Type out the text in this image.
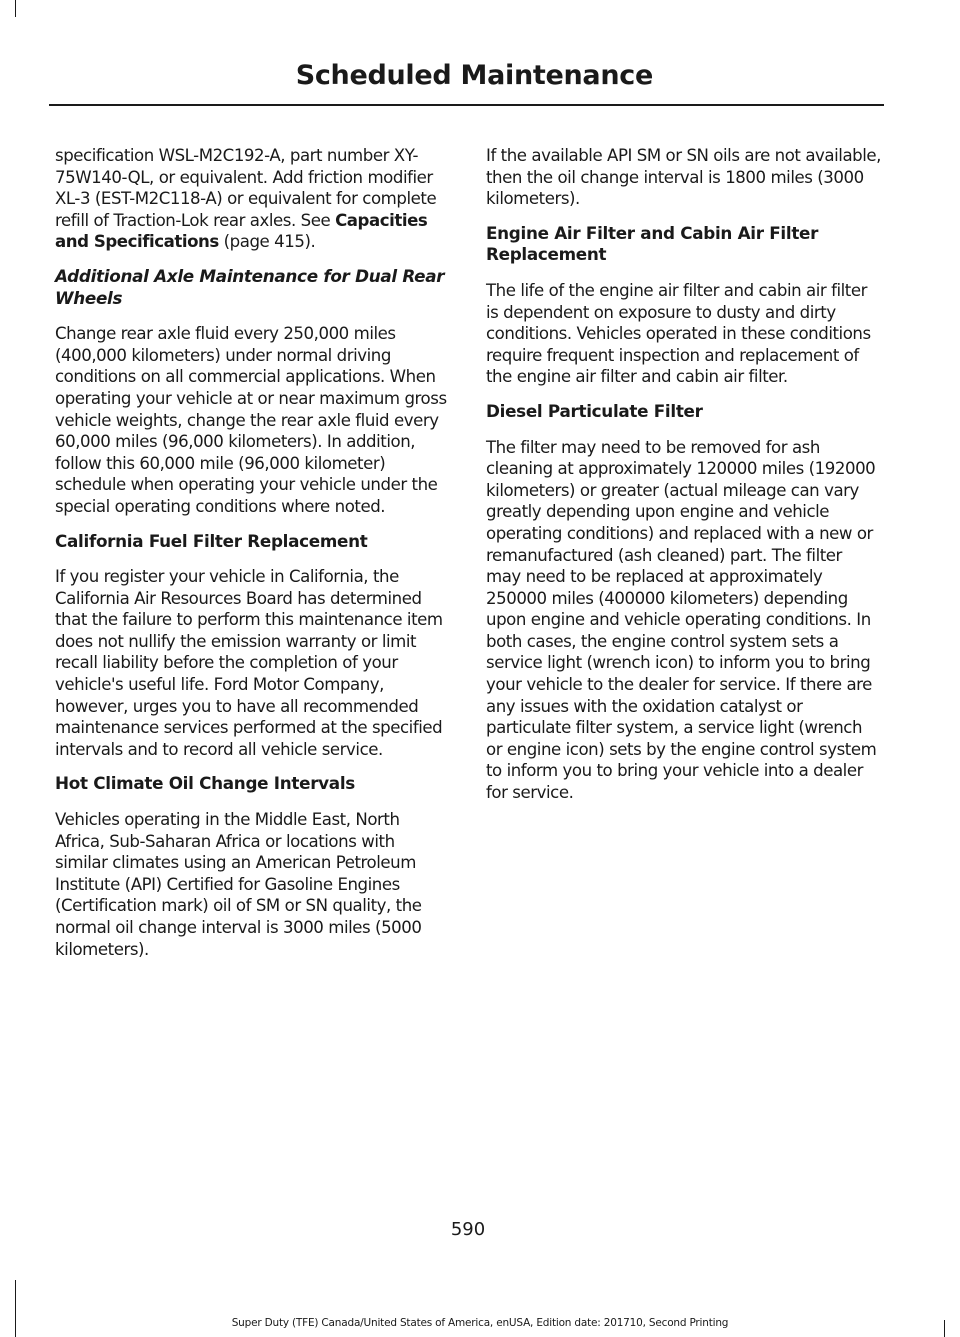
Scheduled Maintenance

specification WSL-M2C192-A, part number XY-75W140-QL, or equivalent. Add friction modifier XL-3 (EST-M2C118-A) or equivalent for complete refill of Traction-Lok rear axles. See Capacities and Specifications (page 415).

Additional Axle Maintenance for Dual Rear Wheels

Change rear axle fluid every 250,000 miles (400,000 kilometers) under normal driving conditions on all commercial applications. When operating your vehicle at or near maximum gross vehicle weights, change the rear axle fluid every 60,000 miles (96,000 kilometers). In addition, follow this 60,000 mile (96,000 kilometer) schedule when operating your vehicle under the special operating conditions where noted.

California Fuel Filter Replacement

If you register your vehicle in California, the California Air Resources Board has determined that the failure to perform this maintenance item does not nullify the emission warranty or limit recall liability before the completion of your vehicle's useful life. Ford Motor Company, however, urges you to have all recommended maintenance services performed at the specified intervals and to record all vehicle service.

Hot Climate Oil Change Intervals

Vehicles operating in the Middle East, North Africa, Sub-Saharan Africa or locations with similar climates using an American Petroleum Institute (API) Certified for Gasoline Engines (Certification mark) oil of SM or SN quality, the normal oil change interval is 3000 miles (5000 kilometers).

If the available API SM or SN oils are not available, then the oil change interval is 1800 miles (3000 kilometers).

Engine Air Filter and Cabin Air Filter Replacement

The life of the engine air filter and cabin air filter is dependent on exposure to dusty and dirty conditions. Vehicles operated in these conditions require frequent inspection and replacement of the engine air filter and cabin air filter.

Diesel Particulate Filter

The filter may need to be removed for ash cleaning at approximately 120000 miles (192000 kilometers) or greater (actual mileage can vary greatly depending upon engine and vehicle operating conditions) and replaced with a new or remanufactured (ash cleaned) part. The filter may need to be replaced at approximately 250000 miles (400000 kilometers) depending upon engine and vehicle operating conditions. In both cases, the engine control system sets a service light (wrench icon) to inform you to bring your vehicle to the dealer for service. If there are any issues with the oxidation catalyst or particulate filter system, a service light (wrench or engine icon) sets by the engine control system to inform you to bring your vehicle into a dealer for service.

590
Super Duty (TFE) Canada/United States of America, enUSA, Edition date: 201710, Second Printing
